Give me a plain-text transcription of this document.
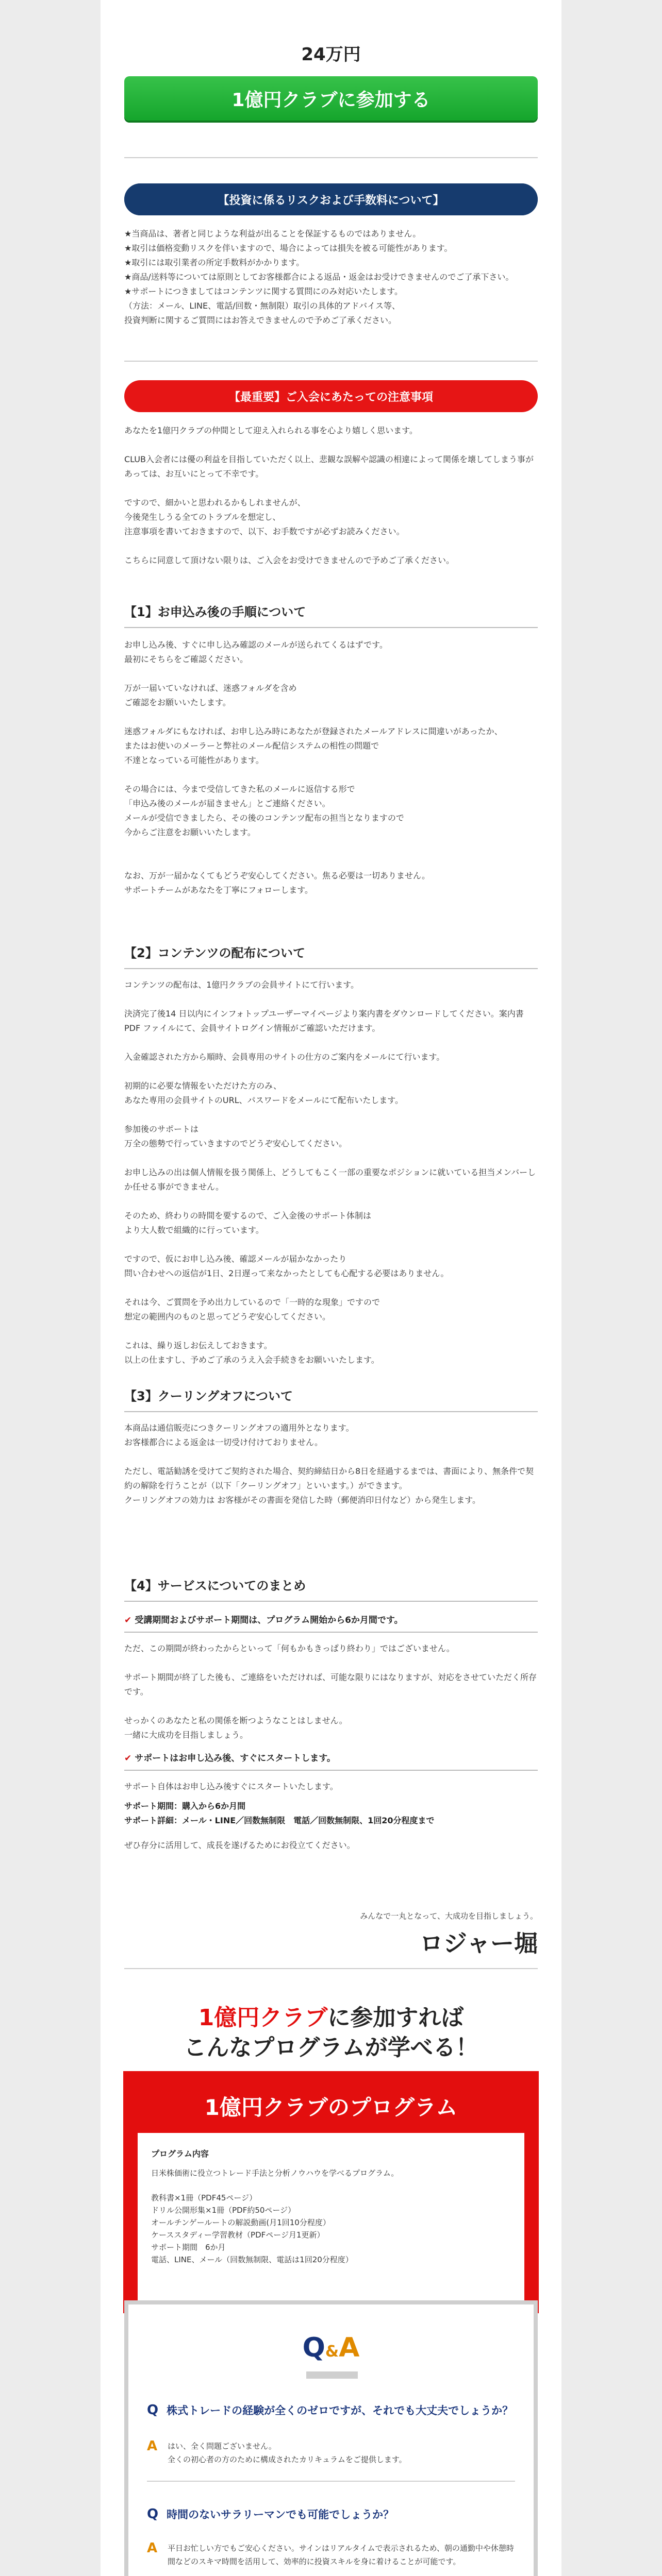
24万円
1億円クラブに参加する
【投資に係るリスクおよび手数料について】
★当商品は、著者と同じような利益が出ることを保証するものではありません。
★取引は価格変動リスクを伴いますので、場合によっては損失を被る可能性があります。
★取引には取引業者の所定手数料がかかります。
★商品/送料等については原則としてお客様都合による返品・返金はお受けできませんのでご了承下さい。
★サポートにつきましてはコンテンツに関する質問にのみ対応いたします。
（方法：メール、LINE、電話/回数・無制限）取引の具体的アドバイス等、
投資判断に関するご質問にはお答えできませんので予めご了承ください。
【最重要】ご入会にあたっての注意事項
あなたを1億円クラブの仲間として迎え入れられる事を心より嬉しく思います。

CLUB入会者には優の利益を目指していただく以上、悲観な誤解や認識の相違によって関係を壊してしまう事があっては、お互いにとって不幸です。

ですので、細かいと思われるかもしれませんが、
今後発生しうる全てのトラブルを想定し、
注意事項を書いておきますので、以下、お手数ですが必ずお読みください。

こちらに同意して頂けない限りは、ご入会をお受けできませんので予めご了承ください。
【1】お申込み後の手順について
お申し込み後、すぐに申し込み確認のメールが送られてくるはずです。
最初にそちらをご確認ください。

万が一届いていなければ、迷惑フォルダを含め
ご確認をお願いいたします。

迷惑フォルダにもなければ、お申し込み時にあなたが登録されたメールアドレスに間違いがあったか、
またはお使いのメーラーと弊社のメール配信システムの相性の問題で
不達となっている可能性があります。

その場合には、今まで受信してきた私のメールに返信する形で
「申込み後のメールが届きません」とご連絡ください。
メールが受信できましたら、その後のコンテンツ配布の担当となりますので
今からご注意をお願いいたします。

なお、万が一届かなくてもどうぞ安心してください。焦る必要は一切ありません。
サポートチームがあなたを丁寧にフォローします。
【2】コンテンツの配布について
コンテンツの配布は、1億円クラブの会員サイトにて行います。

決済完了後14 日以内にインフォトップユーザーマイページより案内書をダウンロードしてください。案内書PDF ファイルにて、会員サイトログイン情報がご確認いただけます。

入金確認された方から順時、会員専用のサイトの仕方のご案内をメールにて行います。

初期的に必要な情報をいただけた方のみ、
あなた専用の会員サイトのURL、パスワードをメールにて配布いたします。

参加後のサポートは
万全の態勢で行っていきますのでどうぞ安心してください。

お申し込みの出は個人情報を扱う関係上、どうしてもこく一部の重要なポジションに就いている担当メンバーしか任せる事ができません。

そのため、終わりの時間を要するので、ご入金後のサポート体制は
より大人数で組織的に行っています。

ですので、仮にお申し込み後、確認メールが届かなかったり
問い合わせへの返信が1日、2日遅って来なかったとしても心配する必要はありません。

それは今、ご質問を予め出力しているので「一時的な現象」ですので
想定の範囲内のものと思ってどうぞ安心してください。

これは、繰り返しお伝えしておきます。
以上の仕ますし、予めご了承のうえ入会手続きをお願いいたします。
【3】クーリングオフについて
本商品は通信販売につきクーリングオフの適用外となります。
お客様都合による返金は一切受け付けておりません。

ただし、電話勧誘を受けてご契約された場合、契約締結日から8日を経過するまでは、書面により、無条件で契約の解除を行うことが（以下「クーリングオフ」といいます。）ができます。
クーリングオフの効力は お客様がその書面を発信した時（郵便消印日付など）から発生します。
【4】サービスについてのまとめ
✔ 受講期間およびサポート期間は、プログラム開始から6か月間です。
ただ、この期間が終わったからといって「何もかもきっぱり終わり」ではございません。

サポート期間が終了した後も、ご連絡をいただければ、可能な限りにはなりますが、対応をさせていただく所存です。

せっかくのあなたと私の関係を断つようなことはしません。
一緒に大成功を目指しましょう。
✔ サポートはお申し込み後、すぐにスタートします。
サポート自体はお申し込み後すぐにスタートいたします。
サポート期間：購入から6か月間
サポート詳細：メール・LINE／回数無制限　電話／回数無制限、1回20分程度まで
ぜひ存分に活用して、成長を遂げるためにお役立てください。
みんなで一丸となって、大成功を目指しましょう。
ロジャー堀
1億円クラブに参加すれば
こんなプログラムが学べる！
1億円クラブのプログラム
プログラム内容
日米株価術に役立つトレード手法と分析ノウハウを学べるプログラム。

教科書×1冊（PDF45ページ）
ドリル公開形集×1冊（PDF約50ページ）
オールチンゲールートの解説動画(月1回10分程度）
ケーススタディー学習教材（PDFページ月1更新）
サポート期間　6か月
電話、LINE、メール（回数無制限、電話は1回20分程度）
Q&A
Q 株式トレードの経験が全くのゼロですが、それでも大丈夫でしょうか？
A はい、全く問題ございません。
全くの初心者の方のために構成されたカリキュラムをご提供します。
Q 時間のないサラリーマンでも可能でしょうか？
A 平日お忙しい方でもご安心ください。サインはリアルタイムで表示されるため、朝の通勤中や休憩時間などのスキマ時間を活用して、効率的に投資スキルを身に着けることが可能です。
